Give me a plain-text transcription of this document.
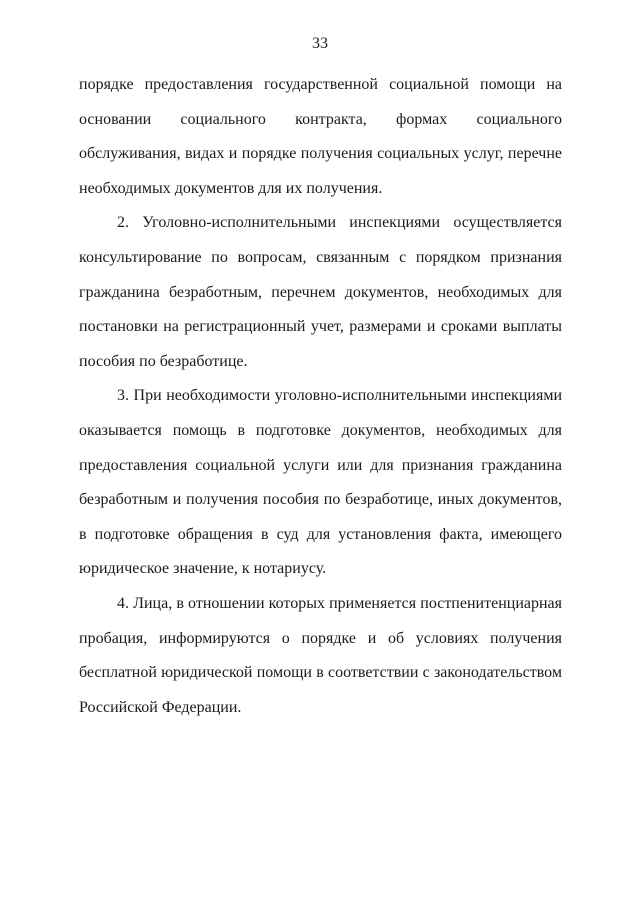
33

порядке предоставления государственной социальной помощи на основании социального контракта, формах социального обслуживания, видах и порядке получения социальных услуг, перечне необходимых документов для их получения.

2. Уголовно-исполнительными инспекциями осуществляется консультирование по вопросам, связанным с порядком признания гражданина безработным, перечнем документов, необходимых для постановки на регистрационный учет, размерами и сроками выплаты пособия по безработице.

3. При необходимости уголовно-исполнительными инспекциями оказывается помощь в подготовке документов, необходимых для предоставления социальной услуги или для признания гражданина безработным и получения пособия по безработице, иных документов, в подготовке обращения в суд для установления факта, имеющего юридическое значение, к нотариусу.

4. Лица, в отношении которых применяется постпенитенциарная пробация, информируются о порядке и об условиях получения бесплатной юридической помощи в соответствии с законодательством Российской Федерации.
